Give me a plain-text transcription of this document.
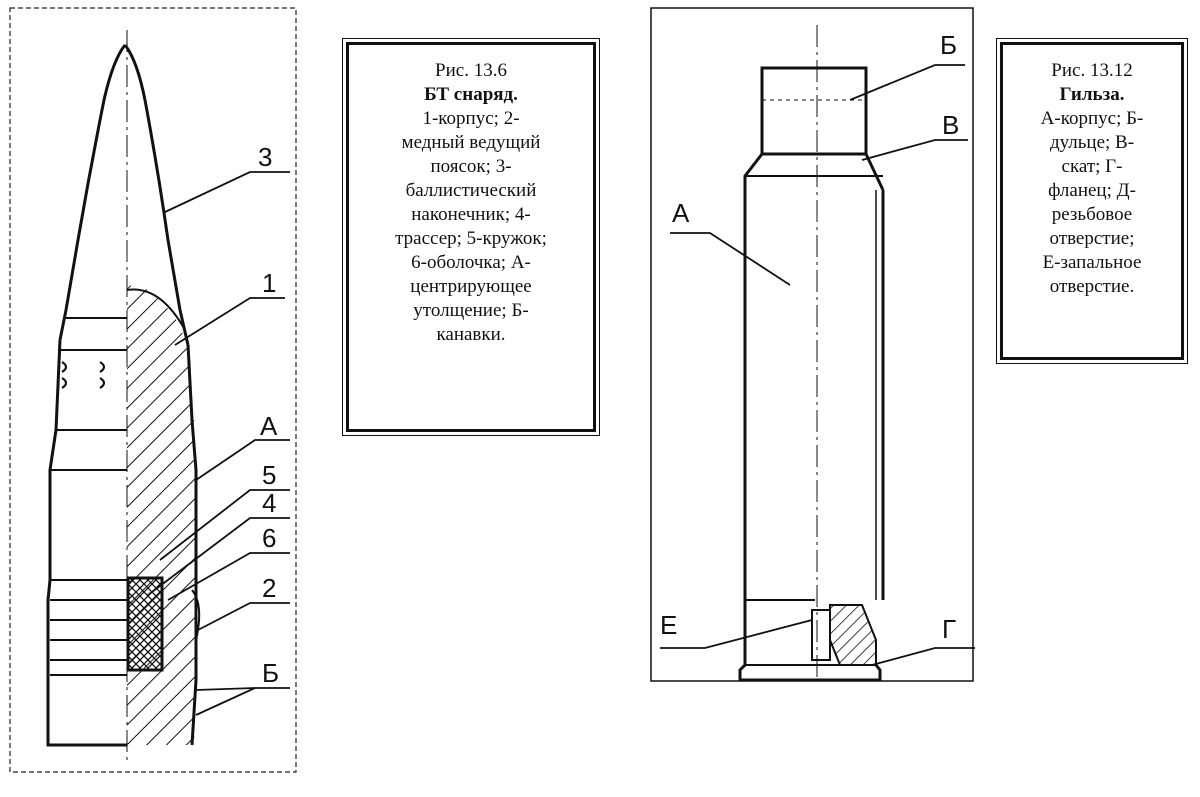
3
1
А
5
4
6
2
Б
Б
В
А
Е	Г
Рис. 13.6
БТ снаряд.
1-корпус; 2-
медный ведущий
поясок; 3-
баллистический
наконечник; 4-
трассер; 5-кружок;
6-оболочка; А-
центрирующее
утолщение; Б-
канавки.
Рис. 13.12
Гильза.
А-корпус; Б-
дульце; В-
скат; Г-
фланец; Д-
резьбовое
отверстие;
Е-запальное
отверстие.
